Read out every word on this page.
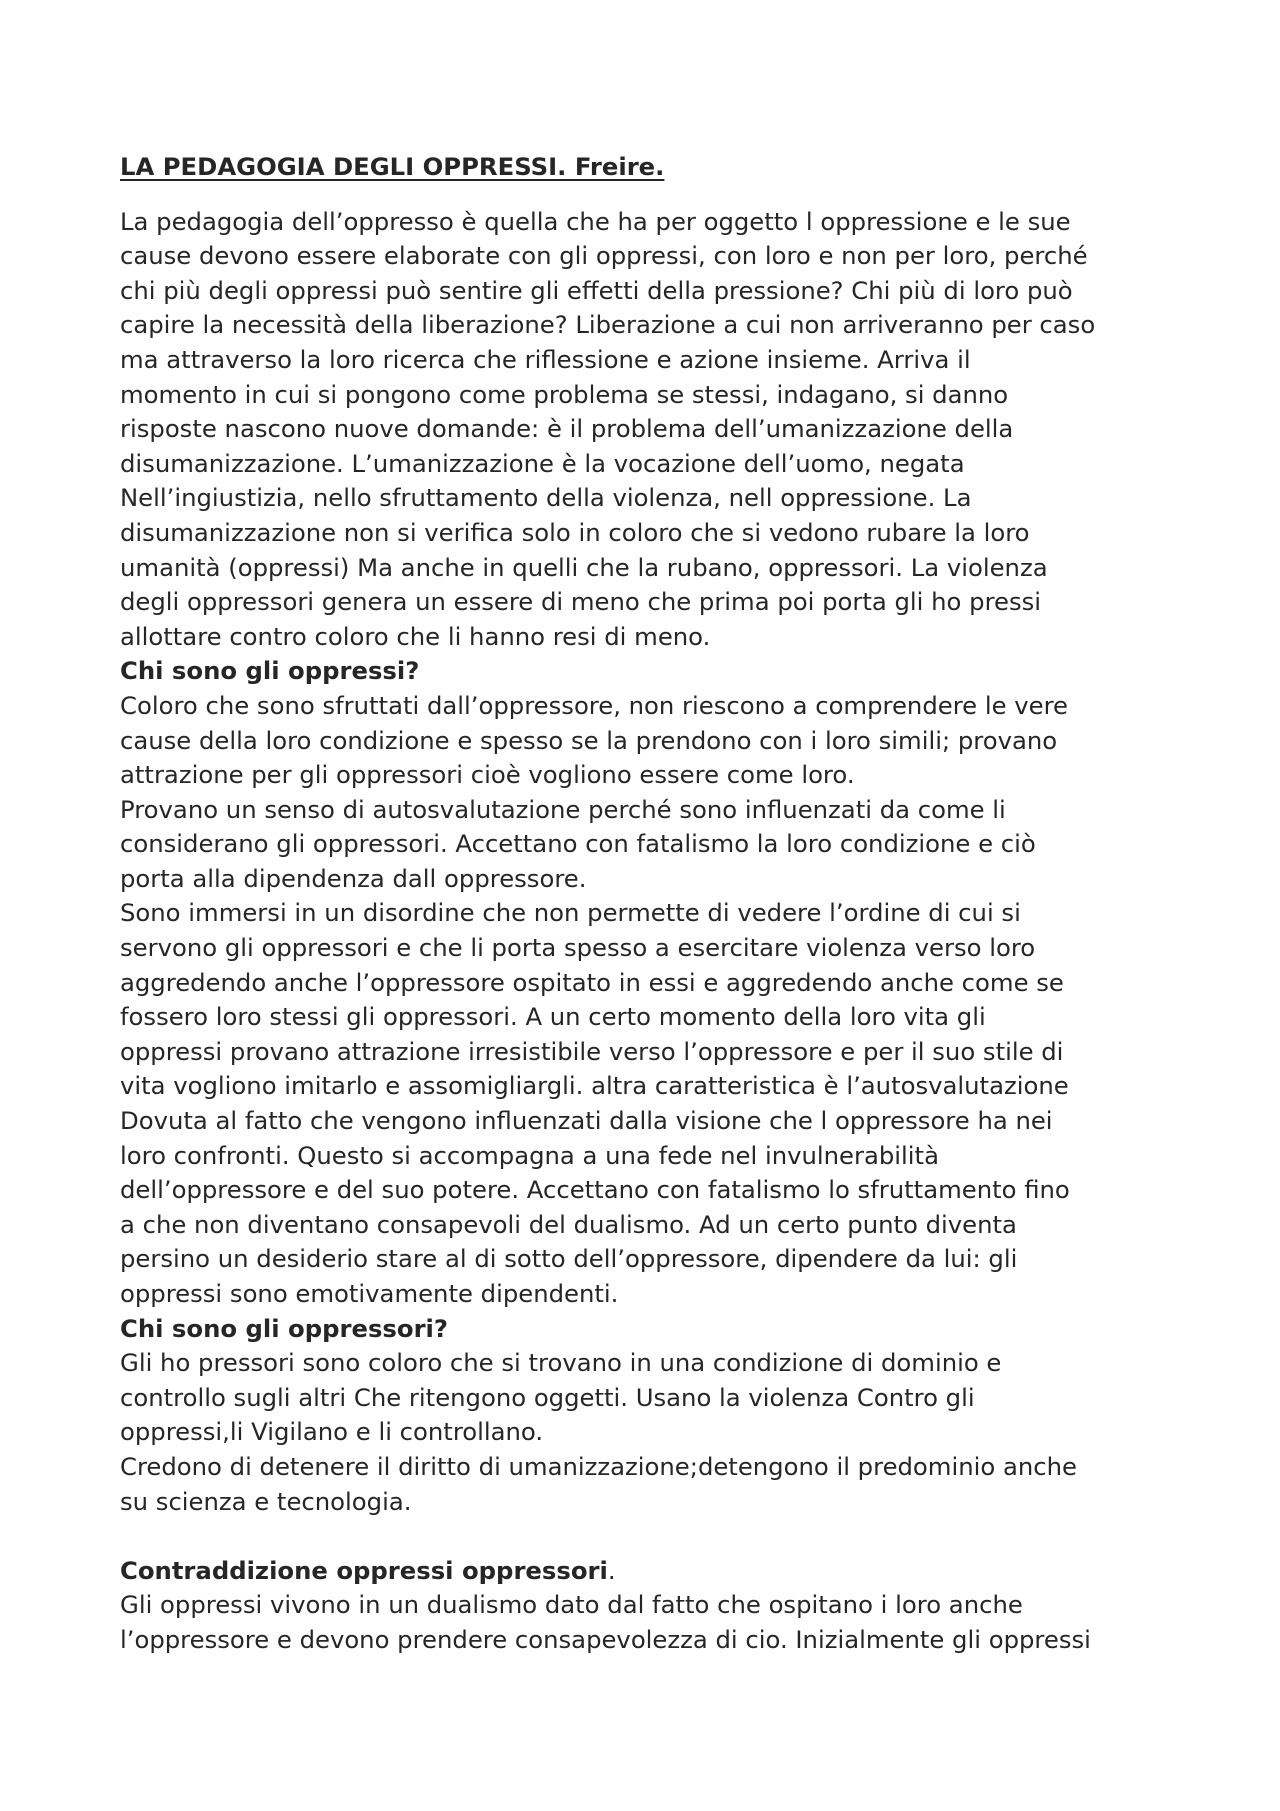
LA PEDAGOGIA DEGLI OPPRESSI. Freire.
La pedagogia dell’oppresso è quella che ha per oggetto l oppressione e le sue
cause devono essere elaborate con gli oppressi, con loro e non per loro, perché
chi più degli oppressi può sentire gli effetti della pressione? Chi più di loro può
capire la necessità della liberazione? Liberazione a cui non arriveranno per caso
ma attraverso la loro ricerca che riflessione e azione insieme. Arriva il
momento in cui si pongono come problema se stessi, indagano, si danno
risposte nascono nuove domande: è il problema dell’umanizzazione della
disumanizzazione. L’umanizzazione è la vocazione dell’uomo, negata
Nell’ingiustizia, nello sfruttamento della violenza, nell oppressione. La
disumanizzazione non si verifica solo in coloro che si vedono rubare la loro
umanità (oppressi) Ma anche in quelli che la rubano, oppressori. La violenza
degli oppressori genera un essere di meno che prima poi porta gli ho pressi
allottare contro coloro che li hanno resi di meno.
Chi sono gli oppressi?
Coloro che sono sfruttati dall’oppressore, non riescono a comprendere le vere
cause della loro condizione e spesso se la prendono con i loro simili; provano
attrazione per gli oppressori cioè vogliono essere come loro.
Provano un senso di autosvalutazione perché sono influenzati da come li
considerano gli oppressori. Accettano con fatalismo la loro condizione e ciò
porta alla dipendenza dall oppressore.
Sono immersi in un disordine che non permette di vedere l’ordine di cui si
servono gli oppressori e che li porta spesso a esercitare violenza verso loro
aggredendo anche l’oppressore ospitato in essi e aggredendo anche come se
fossero loro stessi gli oppressori. A un certo momento della loro vita gli
oppressi provano attrazione irresistibile verso l’oppressore e per il suo stile di
vita vogliono imitarlo e assomigliargli. altra caratteristica è l’autosvalutazione
Dovuta al fatto che vengono influenzati dalla visione che l oppressore ha nei
loro confronti. Questo si accompagna a una fede nel invulnerabilità
dell’oppressore e del suo potere. Accettano con fatalismo lo sfruttamento fino
a che non diventano consapevoli del dualismo. Ad un certo punto diventa
persino un desiderio stare al di sotto dell’oppressore, dipendere da lui: gli
oppressi sono emotivamente dipendenti.
Chi sono gli oppressori?
Gli ho pressori sono coloro che si trovano in una condizione di dominio e
controllo sugli altri Che ritengono oggetti. Usano la violenza Contro gli
oppressi,li Vigilano e li controllano.
Credono di detenere il diritto di umanizzazione;detengono il predominio anche
su scienza e tecnologia.
Contraddizione oppressi oppressori.
Gli oppressi vivono in un dualismo dato dal fatto che ospitano i loro anche
l’oppressore e devono prendere consapevolezza di cio. Inizialmente gli oppressi
